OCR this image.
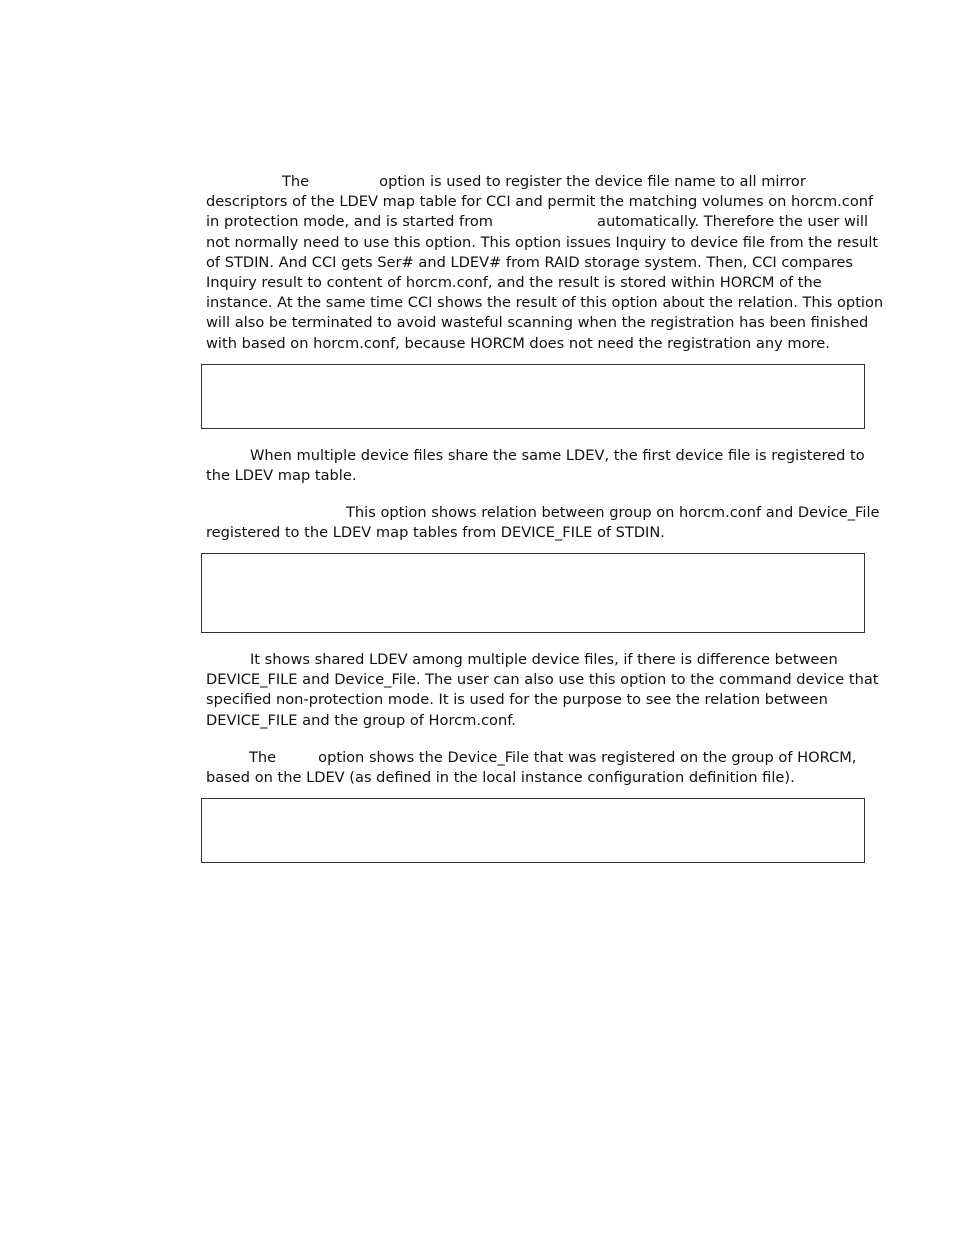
The	option is used to register the device file name to all mirror
descriptors of the LDEV map table for CCI and permit the matching volumes on horcm.conf
in protection mode, and is started from	automatically. Therefore the user will
not normally need to use this option. This option issues Inquiry to device file from the result
of STDIN. And CCI gets Ser# and LDEV# from RAID storage system. Then, CCI compares
Inquiry result to content of horcm.conf, and the result is stored within HORCM of the
instance. At the same time CCI shows the result of this option about the relation. This option
will also be terminated to avoid wasteful scanning when the registration has been finished
with based on horcm.conf, because HORCM does not need the registration any more.
When multiple device files share the same LDEV, the first device file is registered to
the LDEV map table.
This option shows relation between group on horcm.conf and Device_File
registered to the LDEV map tables from DEVICE_FILE of STDIN.
It shows shared LDEV among multiple device files, if there is difference between
DEVICE_FILE and Device_File. The user can also use this option to the command device that
specified non-protection mode. It is used for the purpose to see the relation between
DEVICE_FILE and the group of Horcm.conf.
The	option shows the Device_File that was registered on the group of HORCM,
based on the LDEV (as defined in the local instance configuration definition file).
